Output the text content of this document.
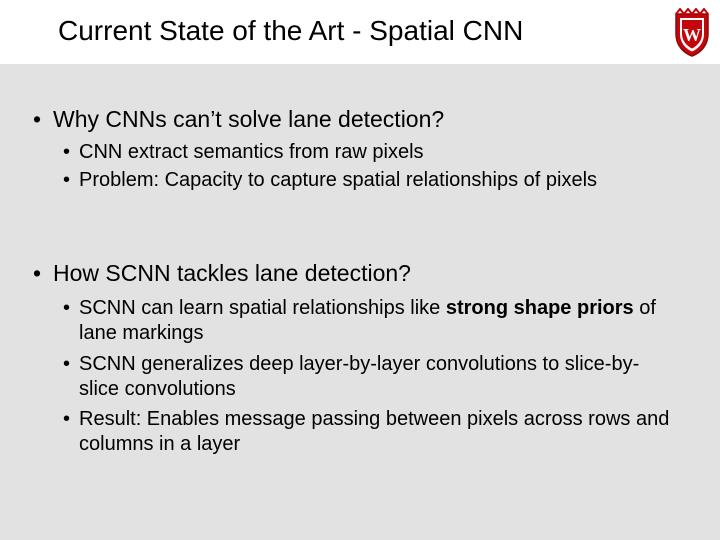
Current State of the Art - Spatial CNN	W
• Why CNNs can’t solve lane detection?
• CNN extract semantics from raw pixels
• Problem: Capacity to capture spatial relationships of pixels
• How SCNN tackles lane detection?
• SCNN can learn spatial relationships like strong shape priors of lane markings
• SCNN generalizes deep layer-by-layer convolutions to slice-by-slice convolutions
• Result: Enables message passing between pixels across rows and columns in a layer
